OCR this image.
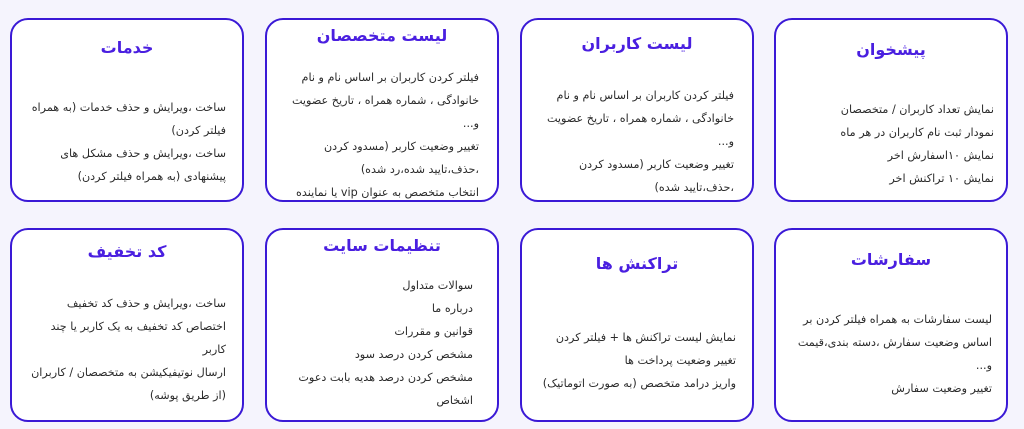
پیشخوان
نمایش تعداد کاربران / متخصصان
نمودار ثبت نام کاربران در هر ماه
نمایش ۱۰اسفارش اخر
نمایش ۱۰ تراکنش اخر
لیست کاربران
فیلتر کردن کاربران بر اساس نام و نام خانوادگی ، شماره همراه ، تاریخ عضویت و...
تغییر وضعیت کاربر (مسدود کردن ،حذف،تایید شده)
لیست متخصصان
فیلتر کردن کاربران بر اساس نام و نام خانوادگی ، شماره همراه ، تاریخ عضویت و...
تغییر وضعیت کاربر (مسدود کردن ،حذف،تایید شده،رد شده)
انتخاب متخصص به عنوان vip یا نماینده
خدمات
ساخت ،ویرایش و حذف خدمات (به همراه فیلتر کردن)
ساخت ،ویرایش و حذف مشکل های پیشنهادی (به همراه فیلتر کردن)
سفارشات
لیست سفارشات به همراه فیلتر کردن بر اساس وضعیت سفارش ،دسته بندی،قیمت و...
تغییر وضعیت سفارش
تراکنش ها
نمایش لیست تراکنش ها + فیلتر کردن
تغییر وضعیت پرداخت ها
واریز درامد متخصص (به صورت اتوماتیک)
تنظیمات سایت
سوالات متداول
درباره ما
قوانین و مقررات
مشخص کردن درصد سود
مشخص کردن درصد هدیه بابت دعوت اشخاص
کد تخفیف
ساخت ،ویرایش و حذف کد تخفیف
اختصاص کد تخفیف به یک کاربر یا چند کاربر
ارسال نوتیفیکیشن به متخصصان / کاربران (از طریق پوشه)
